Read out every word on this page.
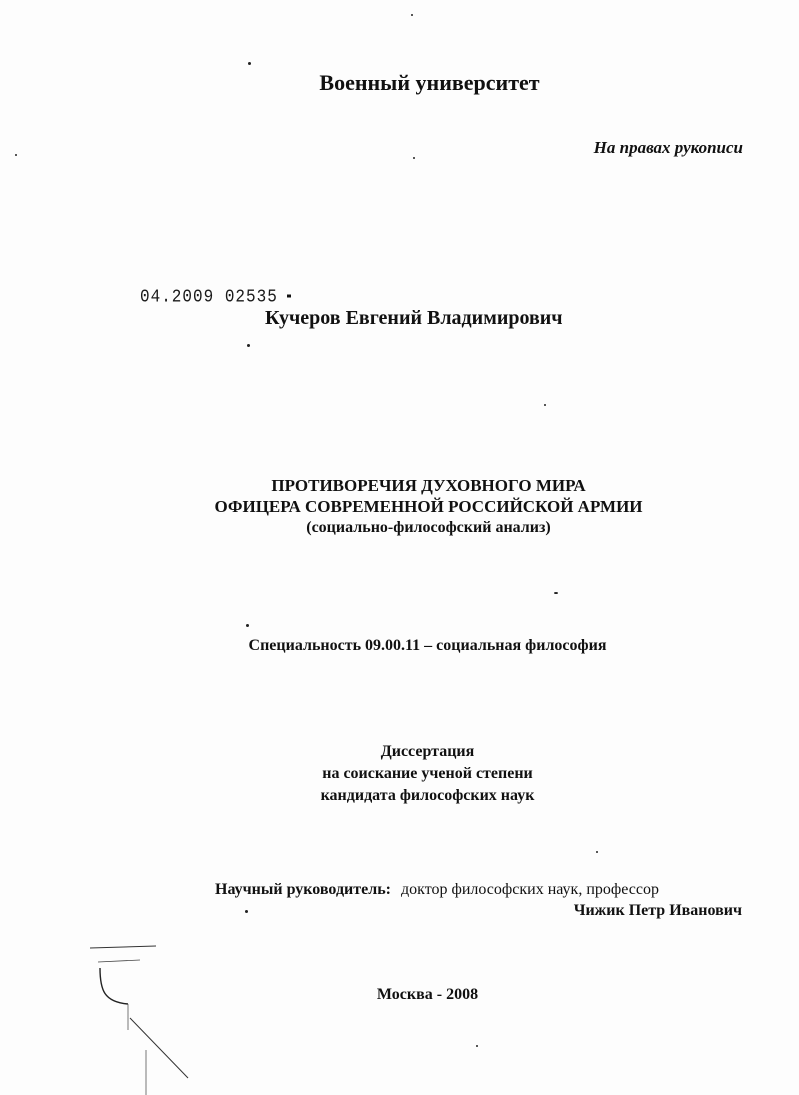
Военный университет

На правах рукописи

04.2009 02535

Кучеров Евгений Владимирович

ПРОТИВОРЕЧИЯ ДУХОВНОГО МИРА

ОФИЦЕРА СОВРЕМЕННОЙ РОССИЙСКОЙ АРМИИ

(социально-философский анализ)

Специальность 09.00.11 – социальная философия

Диссертация

на соискание ученой степени

кандидата философских наук

Научный руководитель: доктор философских наук, профессор

Чижик Петр Иванович

Москва - 2008
